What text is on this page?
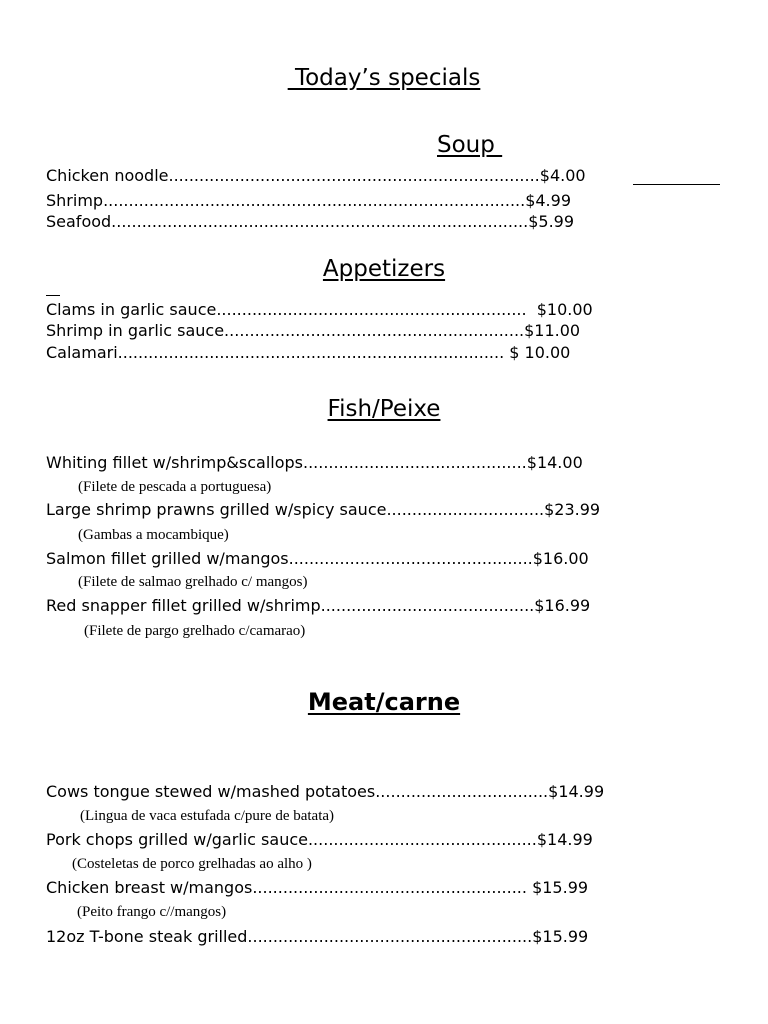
Today’s specials
Soup
Chicken noodle.........................................................................$4.00
Shrimp...................................................................................$4.99
Seafood..................................................................................$5.99
Appetizers
Clams in garlic sauce.............................................................  $10.00
Shrimp in garlic sauce...........................................................$11.00
Calamari............................................................................ $ 10.00
Fish/Peixe
Whiting fillet w/shrimp&scallops............................................$14.00
(Filete de pescada a portuguesa)
Large shrimp prawns grilled w/spicy sauce...............................$23.99
(Gambas a mocambique)
Salmon fillet grilled w/mangos................................................$16.00
(Filete de salmao grelhado c/ mangos)
Red snapper fillet grilled w/shrimp..........................................$16.99
(Filete de pargo grelhado c/camarao)
Meat/carne
Cows tongue stewed w/mashed potatoes..................................$14.99
(Lingua de vaca estufada c/pure de batata)
Pork chops grilled w/garlic sauce.............................................$14.99
(Costeletas de porco grelhadas ao alho )
Chicken breast w/mangos...................................................... $15.99
(Peito frango c//mangos)
12oz T-bone steak grilled........................................................$15.99
